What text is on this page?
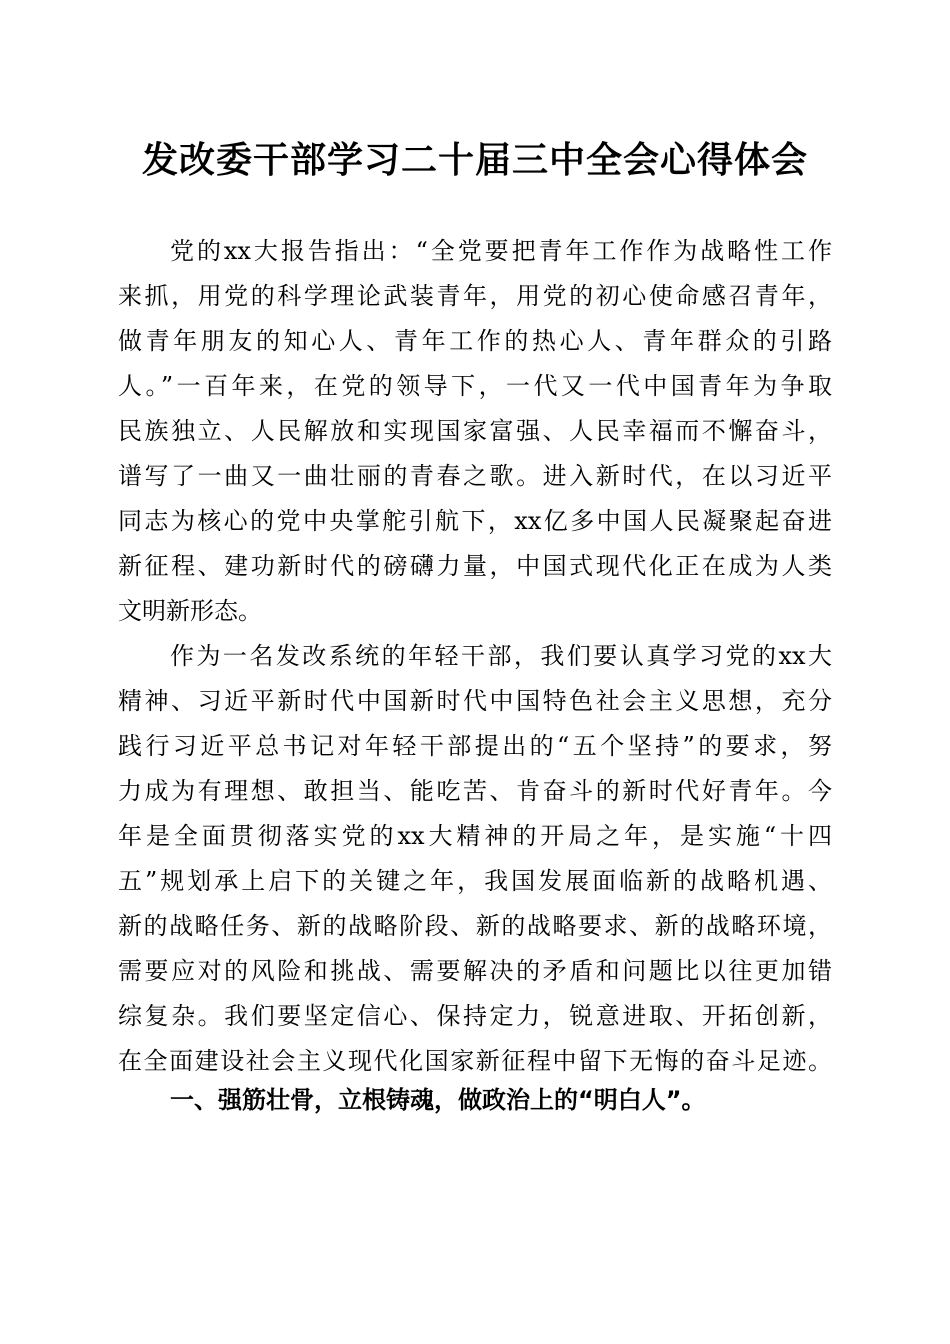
发改委干部学习二十届三中全会心得体会

党的xx大报告指出：“全党要把青年工作作为战略性工作

来抓，用党的科学理论武装青年，用党的初心使命感召青年，

做青年朋友的知心人、青年工作的热心人、青年群众的引路

人。”一百年来，在党的领导下，一代又一代中国青年为争取

民族独立、人民解放和实现国家富强、人民幸福而不懈奋斗，

谱写了一曲又一曲壮丽的青春之歌。进入新时代，在以习近平

同志为核心的党中央掌舵引航下，xx亿多中国人民凝聚起奋进

新征程、建功新时代的磅礴力量，中国式现代化正在成为人类

文明新形态。

作为一名发改系统的年轻干部，我们要认真学习党的xx大

精神、习近平新时代中国新时代中国特色社会主义思想，充分

践行习近平总书记对年轻干部提出的“五个坚持”的要求，努

力成为有理想、敢担当、能吃苦、肯奋斗的新时代好青年。今

年是全面贯彻落实党的xx大精神的开局之年，是实施“十四

五”规划承上启下的关键之年，我国发展面临新的战略机遇、

新的战略任务、新的战略阶段、新的战略要求、新的战略环境，

需要应对的风险和挑战、需要解决的矛盾和问题比以往更加错

综复杂。我们要坚定信心、保持定力，锐意进取、开拓创新，

在全面建设社会主义现代化国家新征程中留下无悔的奋斗足迹。

一、强筋壮骨，立根铸魂，做政治上的“明白人”。
